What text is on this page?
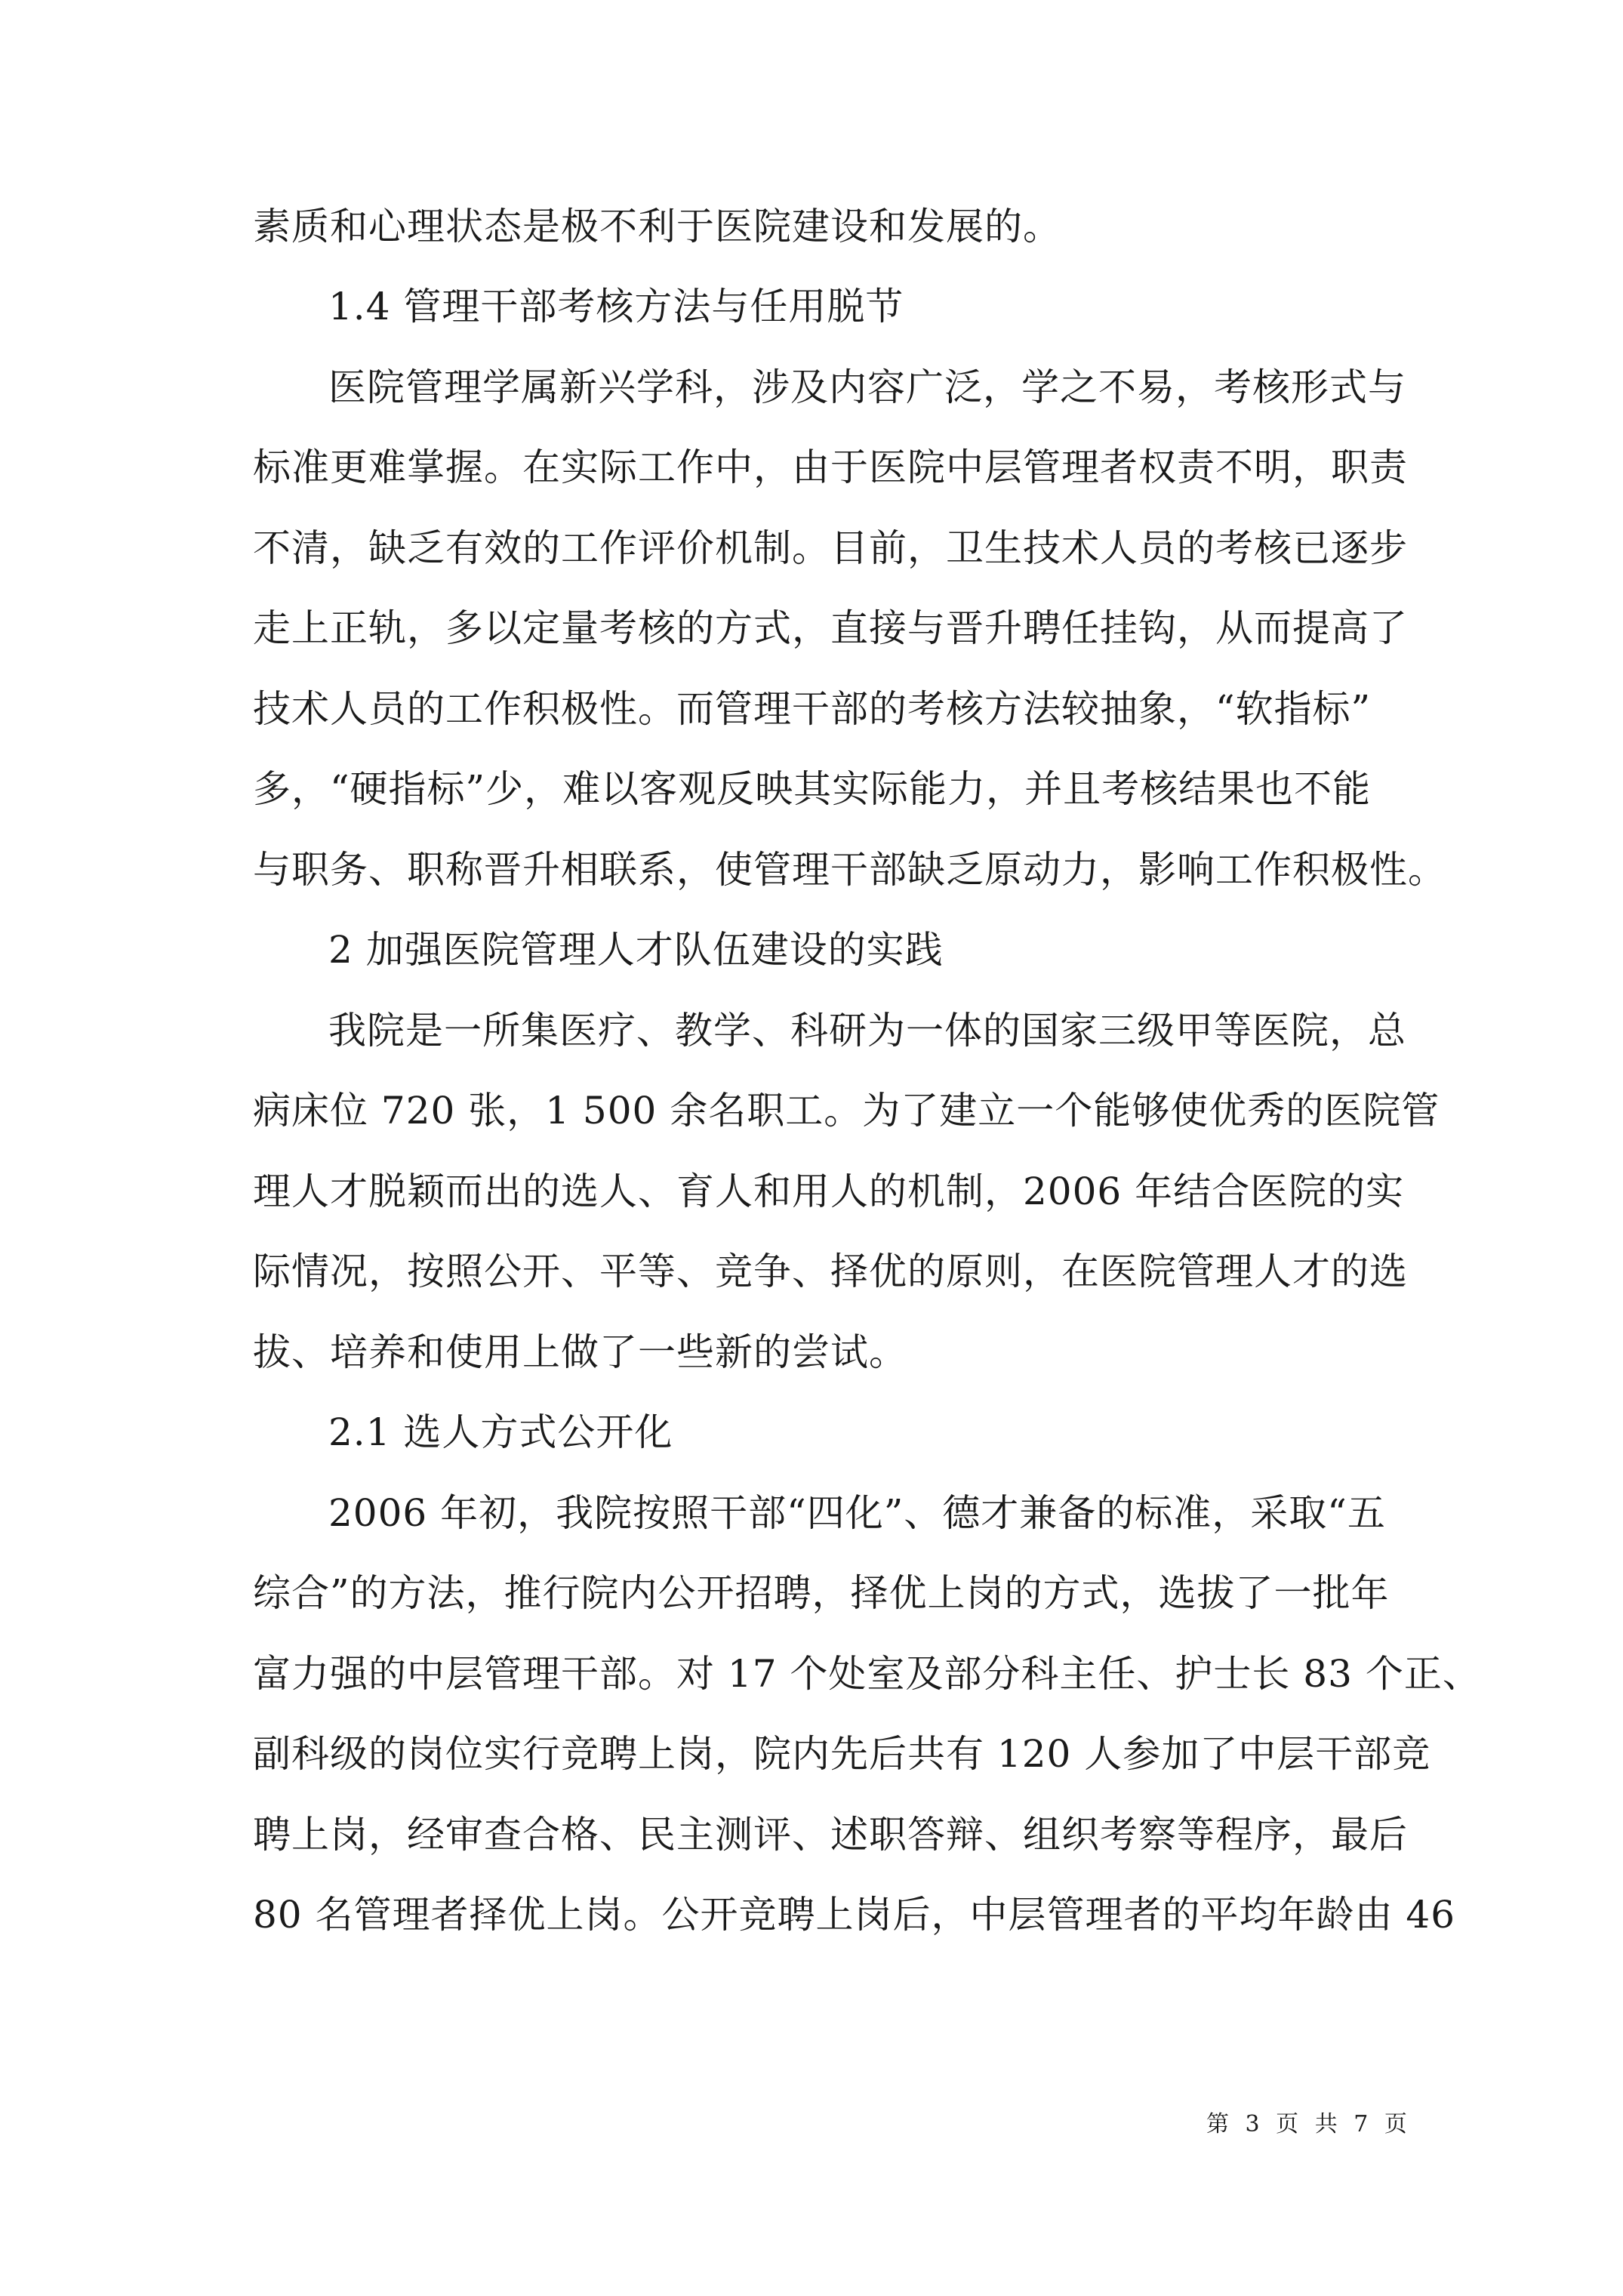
素质和心理状态是极不利于医院建设和发展的。
1.4 管理干部考核方法与任用脱节
医院管理学属新兴学科，涉及内容广泛，学之不易，考核形式与
标准更难掌握。在实际工作中，由于医院中层管理者权责不明，职责
不清，缺乏有效的工作评价机制。目前，卫生技术人员的考核已逐步
走上正轨，多以定量考核的方式，直接与晋升聘任挂钩，从而提高了
技术人员的工作积极性。而管理干部的考核方法较抽象，“软指标”
多，“硬指标”少，难以客观反映其实际能力，并且考核结果也不能
与职务、职称晋升相联系，使管理干部缺乏原动力，影响工作积极性。
2 加强医院管理人才队伍建设的实践
我院是一所集医疗、教学、科研为一体的国家三级甲等医院，总
病床位 720 张，1 500 余名职工。为了建立一个能够使优秀的医院管
理人才脱颖而出的选人、育人和用人的机制，2006 年结合医院的实
际情况，按照公开、平等、竞争、择优的原则，在医院管理人才的选
拔、培养和使用上做了一些新的尝试。
2.1 选人方式公开化
2006 年初，我院按照干部“四化”、德才兼备的标准，采取“五
综合”的方法，推行院内公开招聘，择优上岗的方式，选拔了一批年
富力强的中层管理干部。对 17 个处室及部分科主任、护士长 83 个正、
副科级的岗位实行竞聘上岗，院内先后共有 120 人参加了中层干部竞
聘上岗，经审查合格、民主测评、述职答辩、组织考察等程序，最后
80 名管理者择优上岗。公开竞聘上岗后，中层管理者的平均年龄由 46
第 3 页 共 7 页
